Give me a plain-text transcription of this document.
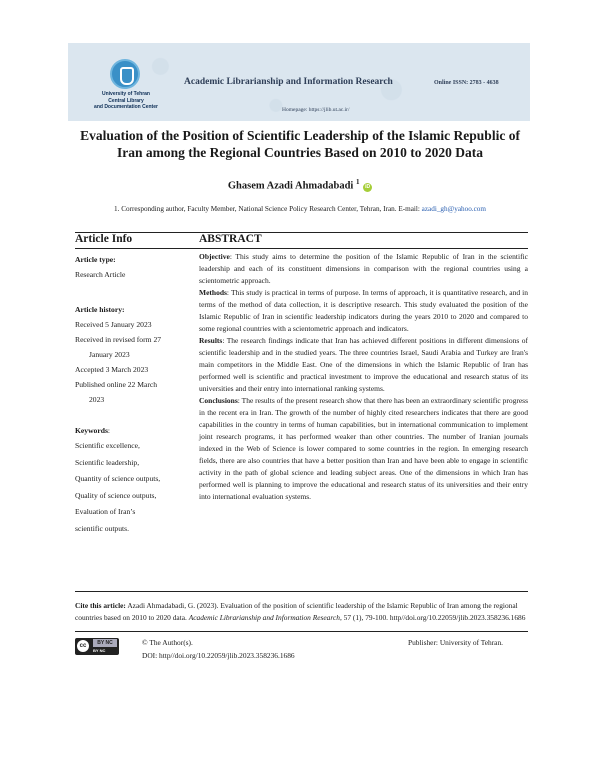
University of Tehran
Central Library
and Documentation Center
Academic Librarianship and Information Research	Online ISSN: 2783 - 4638
Homepage: https://jlib.ut.ac.ir/
Evaluation of the Position of Scientific Leadership of the Islamic Republic of
Iran among the Regional Countries Based on 2010 to 2020 Data
Ghasem Azadi Ahmadabadi $^1$ iD
1. Corresponding author, Faculty Member, National Science Policy Research Center, Tehran, Iran. E-mail: azadi_gh@yahoo.com
Article Info	ABSTRACT
Article type:
Research Article
Article history:
Received 5 January 2023
Received in revised form 27
January 2023
Accepted 3 March 2023
Published online 22 March
2023
Keywords:
Scientific excellence,
Scientific leadership,
Quantity of science outputs,
Quality of science outputs,
Evaluation of Iran’s
scientific outputs.

Objective: This study aims to determine the position of the Islamic Republic of Iran in the scientific leadership and each of its constituent dimensions in comparison with the regional countries using a scientometric approach.

Methods: This study is practical in terms of purpose. In terms of approach, it is quantitative research, and in terms of the method of data collection, it is descriptive research. This study evaluated the position of the Islamic Republic of Iran in scientific leadership indicators during the years 2010 to 2020 and compared to some regional countries with a scientometric approach and indicators.

Results: The research findings indicate that Iran has achieved different positions in different dimensions of scientific leadership and in the studied years. The three countries Israel, Saudi Arabia and Turkey are Iran's main competitors in the Middle East. One of the dimensions in which the Islamic Republic of Iran has performed well is scientific and practical investment to improve the educational and research status of its universities and their entry into international ranking systems.

Conclusions: The results of the present research show that there has been an extraordinary scientific progress in the recent era in Iran. The growth of the number of highly cited researchers indicates that there are good capabilities in the country in terms of human capabilities, but in international communication to implement joint research programs, it has performed weaker than other countries. The number of Iranian journals indexed in the Web of Science is lower compared to some countries in the region. In emerging research fields, there are also countries that have a better position than Iran and have been able to engage in scientific activity in the path of global science and leading subject areas. One of the dimensions in which Iran has performed well is planning to improve the educational and research status of its universities and their entry into international evaluation systems.

Cite this article: Azadi Ahmadabadi, G. (2023). Evaluation of the position of scientific leadership of the Islamic Republic of Iran among the regional countries based on 2010 to 2020 data. Academic Librarianship and Information Research, 57 (1), 79-100. http//doi.org/10.22059/jlib.2023.358236.1686
cc	BY NC
BY NC
© The Author(s).	Publisher: University of Tehran.
DOI: http//doi.org/10.22059/jlib.2023.358236.1686
